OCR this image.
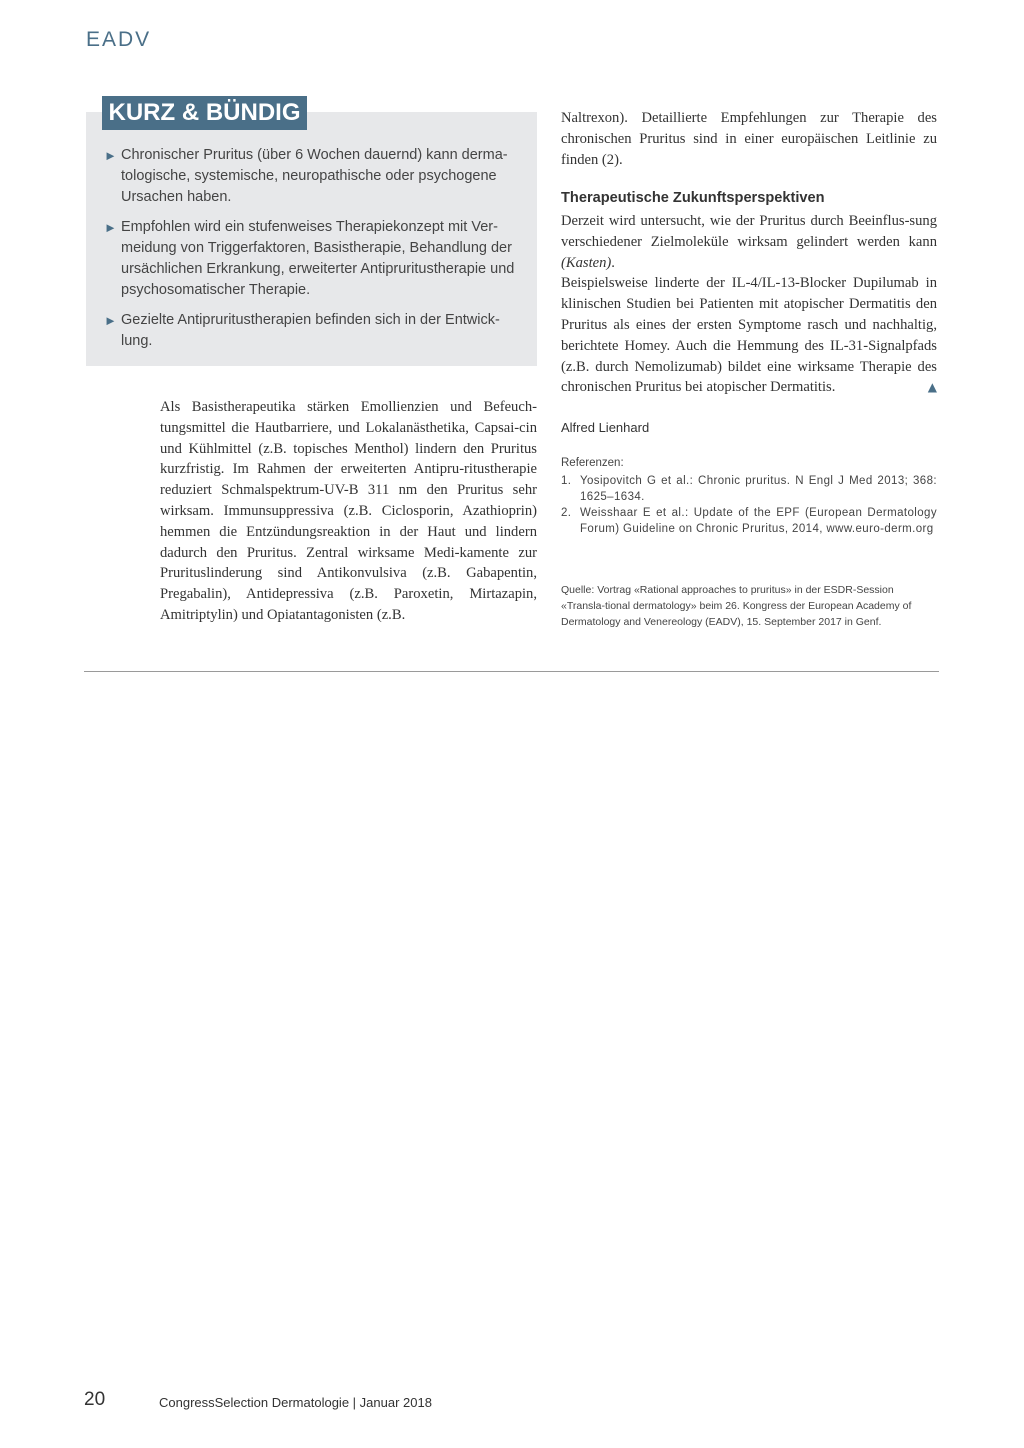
EADV
KURZ & BÜNDIG
► Chronischer Pruritus (über 6 Wochen dauernd) kann derma-tologische, systemische, neuropathische oder psychogene Ursachen haben.
► Empfohlen wird ein stufenweises Therapiekonzept mit Ver-meidung von Triggerfaktoren, Basistherapie, Behandlung der ursächlichen Erkrankung, erweiterter Antipruritustherapie und psychosomatischer Therapie.
► Gezielte Antipruritustherapien befinden sich in der Entwick-lung.

Als Basistherapeutika stärken Emollienzien und Befeuch-tungsmittel die Hautbarriere, und Lokalanästhetika, Capsai-cin und Kühlmittel (z.B. topisches Menthol) lindern den Pruritus kurzfristig. Im Rahmen der erweiterten Antipru-ritustherapie reduziert Schmalspektrum-UV-B 311 nm den Pruritus sehr wirksam. Immunsuppressiva (z.B. Ciclosporin, Azathioprin) hemmen die Entzündungsreaktion in der Haut und lindern dadurch den Pruritus. Zentral wirksame Medi-kamente zur Prurituslinderung sind Antikonvulsiva (z.B. Gabapentin, Pregabalin), Antidepressiva (z.B. Paroxetin, Mirtazapin, Amitriptylin) und Opiatantagonisten (z.B.

Naltrexon). Detaillierte Empfehlungen zur Therapie des chronischen Pruritus sind in einer europäischen Leitlinie zu finden (2).

Therapeutische Zukunftsperspektiven

Derzeit wird untersucht, wie der Pruritus durch Beeinflus-sung verschiedener Zielmoleküle wirksam gelindert werden kann (Kasten).

Beispielsweise linderte der IL-4/IL-13-Blocker Dupilumab in klinischen Studien bei Patienten mit atopischer Dermatitis den Pruritus als eines der ersten Symptome rasch und nachhaltig, berichtete Homey. Auch die Hemmung des IL-31-Signalpfads (z.B. durch Nemolizumab) bildet eine wirksame Therapie des chronischen Pruritus bei atopischer Dermatitis.	▲

Alfred Lienhard
Referenzen:
1. Yosipovitch G et al.: Chronic pruritus. N Engl J Med 2013; 368: 1625–1634.
2. Weisshaar E et al.: Update of the EPF (European Dermatology Forum) Guideline on Chronic Pruritus, 2014, www.euro-derm.org

Quelle: Vortrag «Rational approaches to pruritus» in der ESDR-Session «Transla-tional dermatology» beim 26. Kongress der European Academy of Dermatology and Venereology (EADV), 15. September 2017 in Genf.

20	CongressSelection Dermatologie | Januar 2018
